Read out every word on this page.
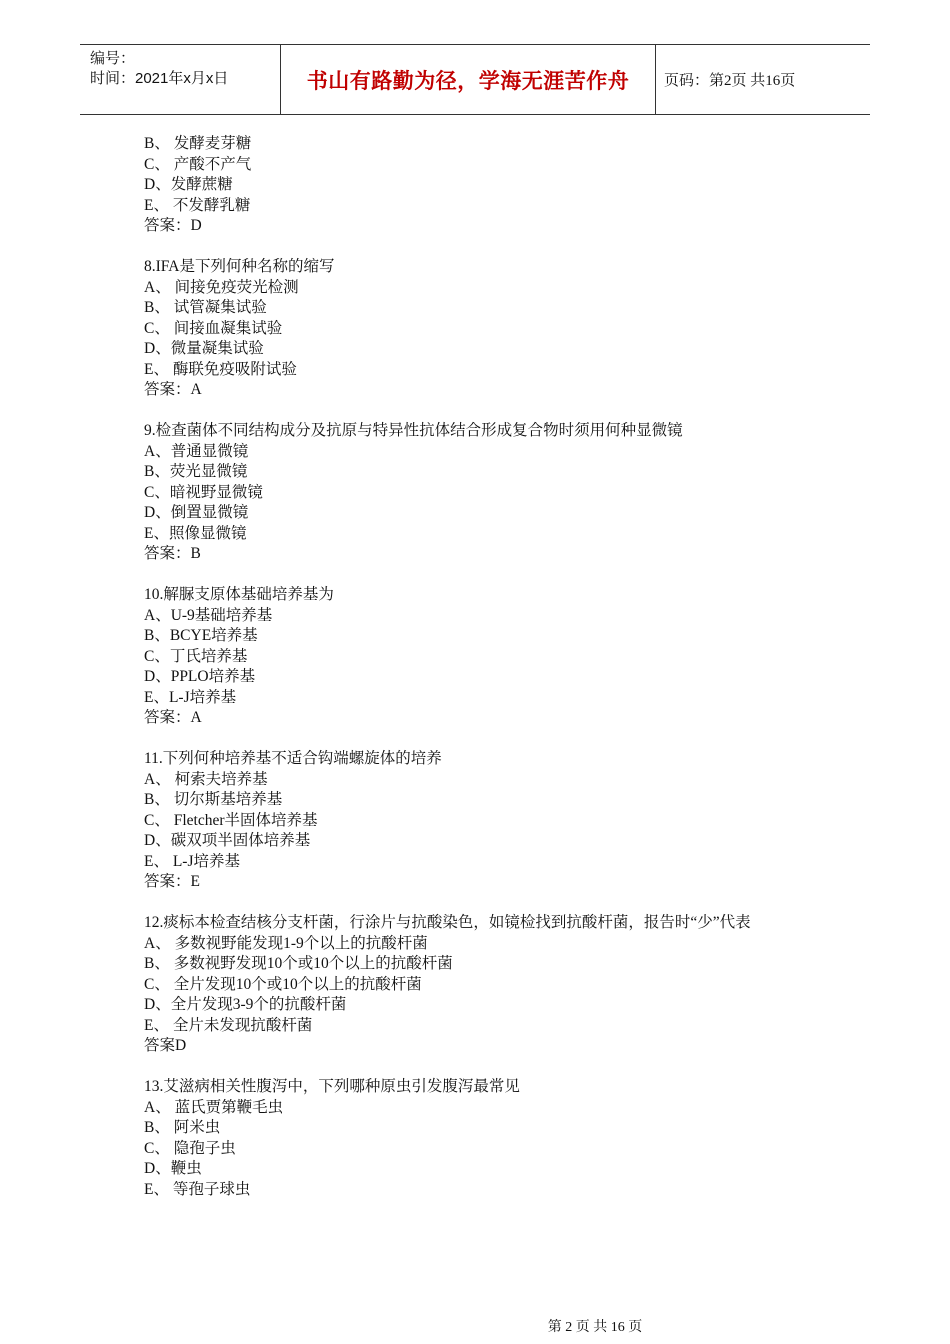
编号：
时间：2021年x月x日	书山有路勤为径，学海无涯苦作舟 页码：第2页 共16页
B、 发酵麦芽糖
C、 产酸不产气
D、发酵蔗糖
E、 不发酵乳糖
答案：D
8.IFA是下列何种名称的缩写
A、 间接免疫荧光检测
B、 试管凝集试验
C、 间接血凝集试验
D、微量凝集试验
E、 酶联免疫吸附试验
答案：A
9.检查菌体不同结构成分及抗原与特异性抗体结合形成复合物时须用何种显微镜
A、普通显微镜
B、荧光显微镜
C、暗视野显微镜
D、倒置显微镜
E、照像显微镜
答案：B
10.解脲支原体基础培养基为
A、U-9基础培养基
B、BCYE培养基
C、丁氏培养基
D、PPLO培养基
E、L-J培养基
答案：A
11.下列何种培养基不适合钩端螺旋体的培养
A、 柯索夫培养基
B、 切尔斯基培养基
C、 Fletcher半固体培养基
D、碳双项半固体培养基
E、 L-J培养基
答案：E
12.痰标本检查结核分支杆菌，行涂片与抗酸染色，如镜检找到抗酸杆菌，报告时“少”代表
A、 多数视野能发现1-9个以上的抗酸杆菌
B、 多数视野发现10个或10个以上的抗酸杆菌
C、 全片发现10个或10个以上的抗酸杆菌
D、全片发现3-9个的抗酸杆菌
E、 全片未发现抗酸杆菌
答案D
13.艾滋病相关性腹泻中，下列哪种原虫引发腹泻最常见
A、 蓝氏贾第鞭毛虫
B、 阿米虫
C、 隐孢子虫
D、鞭虫
E、 等孢子球虫
第 2 页 共 16 页
